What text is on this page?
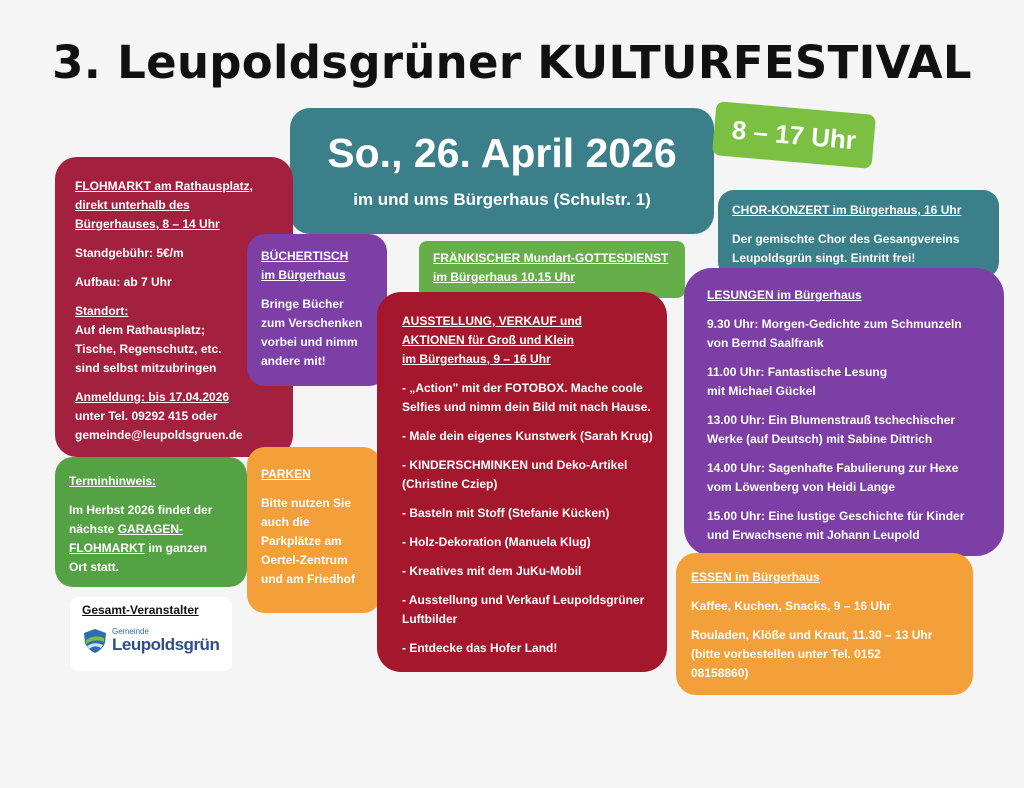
3. Leupoldsgrüner KULTURFESTIVAL

So., 26. April 2026

im und ums Bürgerhaus (Schulstr. 1)

8 – 17 Uhr

FLOHMARKT am Rathausplatz,

direkt unterhalb des

Bürgerhauses, 8 – 14 Uhr

Standgebühr: 5€/m

Aufbau: ab 7 Uhr

Standort:

Auf dem Rathausplatz;

Tische, Regenschutz, etc.

sind selbst mitzubringen

Anmeldung: bis 17.04.2026

unter Tel. 09292 415 oder

gemeinde@leupoldsgruen.de

BÜCHERTISCH

im Bürgerhaus

Bringe Bücher

zum Verschenken

vorbei und nimm

andere mit!

Terminhinweis:

Im Herbst 2026 findet der

nächste GARAGEN-

FLOHMARKT im ganzen

Ort statt.

PARKEN

Bitte nutzen Sie

auch die

Parkplätze am

Oertel-Zentrum

und am Friedhof

Gesamt-Veranstalter

Gemeinde

Leupoldsgrün

FRÄNKISCHER Mundart-GOTTESDIENST

im Bürgerhaus 10.15 Uhr

AUSSTELLUNG, VERKAUF und

AKTIONEN für Groß und Klein

im Bürgerhaus, 9 – 16 Uhr

- „Action" mit der FOTOBOX. Mache coole

Selfies und nimm dein Bild mit nach Hause.

- Male dein eigenes Kunstwerk (Sarah Krug)

- KINDERSCHMINKEN und Deko-Artikel

(Christine Cziep)

- Basteln mit Stoff (Stefanie Kücken)

- Holz-Dekoration (Manuela Klug)

- Kreatives mit dem JuKu-Mobil

- Ausstellung und Verkauf Leupoldsgrüner

Luftbilder

- Entdecke das Hofer Land!

CHOR-KONZERT im Bürgerhaus, 16 Uhr

Der gemischte Chor des Gesangvereins

Leupoldsgrün singt. Eintritt frei!

LESUNGEN im Bürgerhaus

9.30 Uhr: Morgen-Gedichte zum Schmunzeln

von Bernd Saalfrank

11.00 Uhr: Fantastische Lesung

mit Michael Gückel

13.00 Uhr: Ein Blumenstrauß tschechischer

Werke (auf Deutsch) mit Sabine Dittrich

14.00 Uhr: Sagenhafte Fabulierung zur Hexe

vom Löwenberg von Heidi Lange

15.00 Uhr: Eine lustige Geschichte für Kinder

und Erwachsene mit Johann Leupold

ESSEN im Bürgerhaus

Kaffee, Kuchen, Snacks, 9 – 16 Uhr

Rouladen, Klöße und Kraut, 11.30 – 13 Uhr

(bitte vorbestellen unter Tel. 0152

08158860)
